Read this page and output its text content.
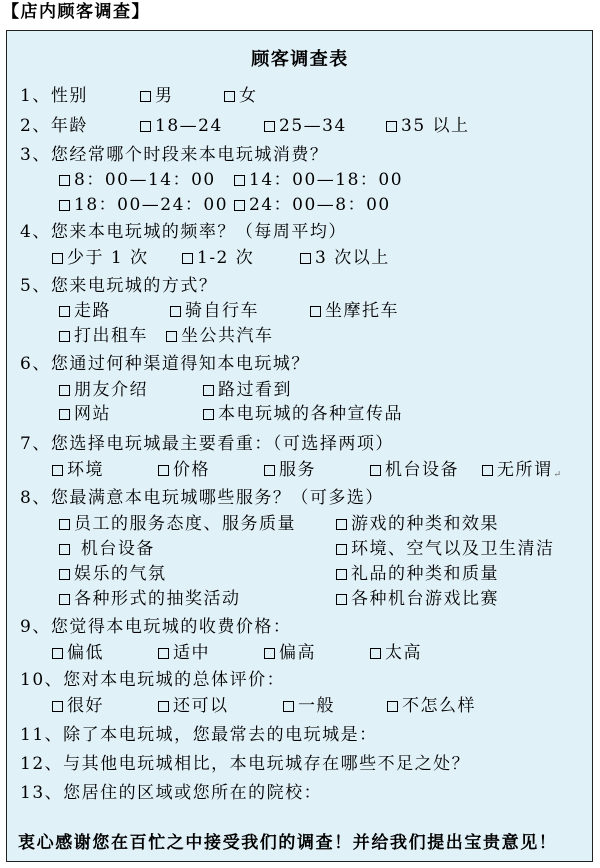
【店内顾客调查】
顾客调查表
1、性别	男	女
2、年龄	18—24	25—34	35 以上
3、您经常哪个时段来本电玩城消费？
8：00—14：00	14：00—18：00
18：00—24：00	24：00—8：00
4、您来本电玩城的频率？（每周平均）
少于 1 次	1-2 次	3 次以上
5、您来电玩城的方式？
走路	骑自行车	坐摩托车
打出租车	坐公共汽车
6、您通过何种渠道得知本电玩城？
朋友介绍	路过看到
网站	本电玩城的各种宣传品
7、您选择电玩城最主要看重：（可选择两项）
环境	价格	服务	机台设备	无所谓↵
8、您最满意本电玩城哪些服务？（可多选）
员工的服务态度、服务质量	游戏的种类和效果
机台设备	环境、空气以及卫生清洁
娱乐的气氛	礼品的种类和质量
各种形式的抽奖活动	各种机台游戏比赛
9、您觉得本电玩城的收费价格：
偏低	适中	偏高	太高
10、您对本电玩城的总体评价：
很好	还可以	一般	不怎么样
11、除了本电玩城，您最常去的电玩城是：
12、与其他电玩城相比，本电玩城存在哪些不足之处？
13、您居住的区域或您所在的院校：
衷心感谢您在百忙之中接受我们的调查！并给我们提出宝贵意见！
